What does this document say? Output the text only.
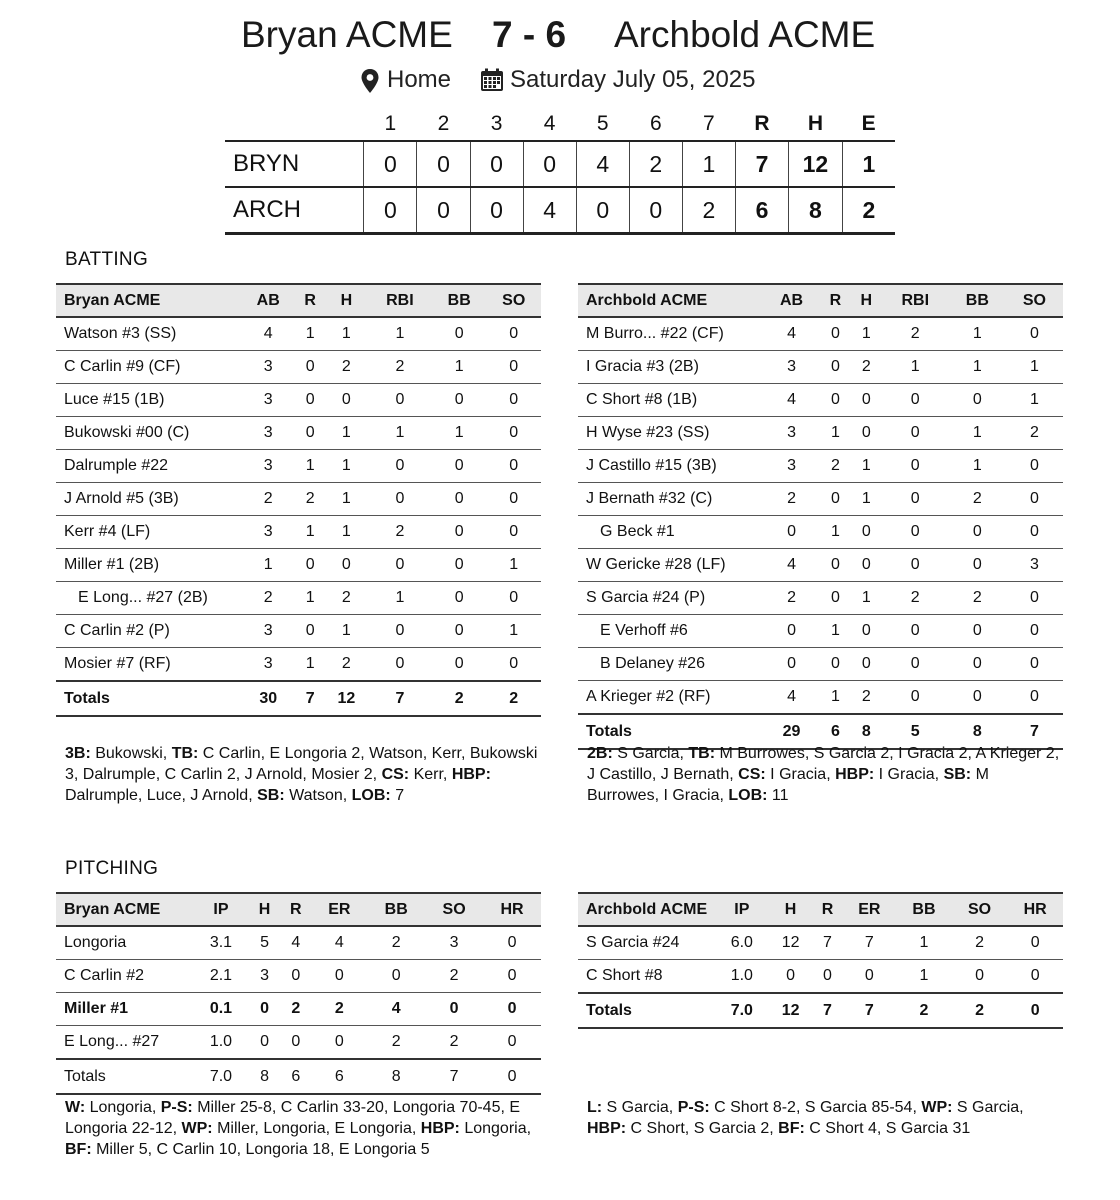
Bryan ACME 7 - 6 Archbold ACME
Home Saturday July 05, 2025
	1	2	3	4	5	6	7	R	H	E
BRYN	0	0	0	0	4	2	1	7	12	1
ARCH	0	0	0	4	0	0	2	6	8	2
BATTING
Bryan ACME	AB	R	H	RBI	BB	SO
Watson #3 (SS)	4	1	1	1	0	0
C Carlin #9 (CF)	3	0	2	2	1	0
Luce #15 (1B)	3	0	0	0	0	0
Bukowski #00 (C)	3	0	1	1	1	0
Dalrumple #22	3	1	1	0	0	0
J Arnold #5 (3B)	2	2	1	0	0	0
Kerr #4 (LF)	3	1	1	2	0	0
Miller #1 (2B)	1	0	0	0	0	1
E Long... #27 (2B)	2	1	2	1	0	0
C Carlin #2 (P)	3	0	1	0	0	1
Mosier #7 (RF)	3	1	2	0	0	0
Totals	30	7	12	7	2	2
Archbold ACME	AB	R	H	RBI	BB	SO
M Burro... #22 (CF)	4	0	1	2	1	0
I Gracia #3 (2B)	3	0	2	1	1	1
C Short #8 (1B)	4	0	0	0	0	1
H Wyse #23 (SS)	3	1	0	0	1	2
J Castillo #15 (3B)	3	2	1	0	1	0
J Bernath #32 (C)	2	0	1	0	2	0
G Beck #1	0	1	0	0	0	0
W Gericke #28 (LF)	4	0	0	0	0	3
S Garcia #24 (P)	2	0	1	2	2	0
E Verhoff #6	0	1	0	0	0	0
B Delaney #26	0	0	0	0	0	0
A Krieger #2 (RF)	4	1	2	0	0	0
Totals	29	6	8	5	8	7
3B: Bukowski, TB: C Carlin, E Longoria 2, Watson, Kerr, Bukowski 3, Dalrumple, C Carlin 2, J Arnold, Mosier 2, CS: Kerr, HBP: Dalrumple, Luce, J Arnold, SB: Watson, LOB: 7
2B: S Garcia, TB: M Burrowes, S Garcia 2, I Gracia 2, A Krieger 2, J Castillo, J Bernath, CS: I Gracia, HBP: I Gracia, SB: M Burrowes, I Gracia, LOB: 11
PITCHING
Bryan ACME	IP	H	R	ER	BB	SO	HR
Longoria	3.1	5	4	4	2	3	0
C Carlin #2	2.1	3	0	0	0	2	0
Miller #1	0.1	0	2	2	4	0	0
E Long... #27	1.0	0	0	0	2	2	0
Totals	7.0	8	6	6	8	7	0
Archbold ACME	IP	H	R	ER	BB	SO	HR
S Garcia #24	6.0	12	7	7	1	2	0
C Short #8	1.0	0	0	0	1	0	0
Totals	7.0	12	7	7	2	2	0
W: Longoria, P-S: Miller 25-8, C Carlin 33-20, Longoria 70-45, E Longoria 22-12, WP: Miller, Longoria, E Longoria, HBP: Longoria, BF: Miller 5, C Carlin 10, Longoria 18, E Longoria 5
L: S Garcia, P-S: C Short 8-2, S Garcia 85-54, WP: S Garcia, HBP: C Short, S Garcia 2, BF: C Short 4, S Garcia 31
